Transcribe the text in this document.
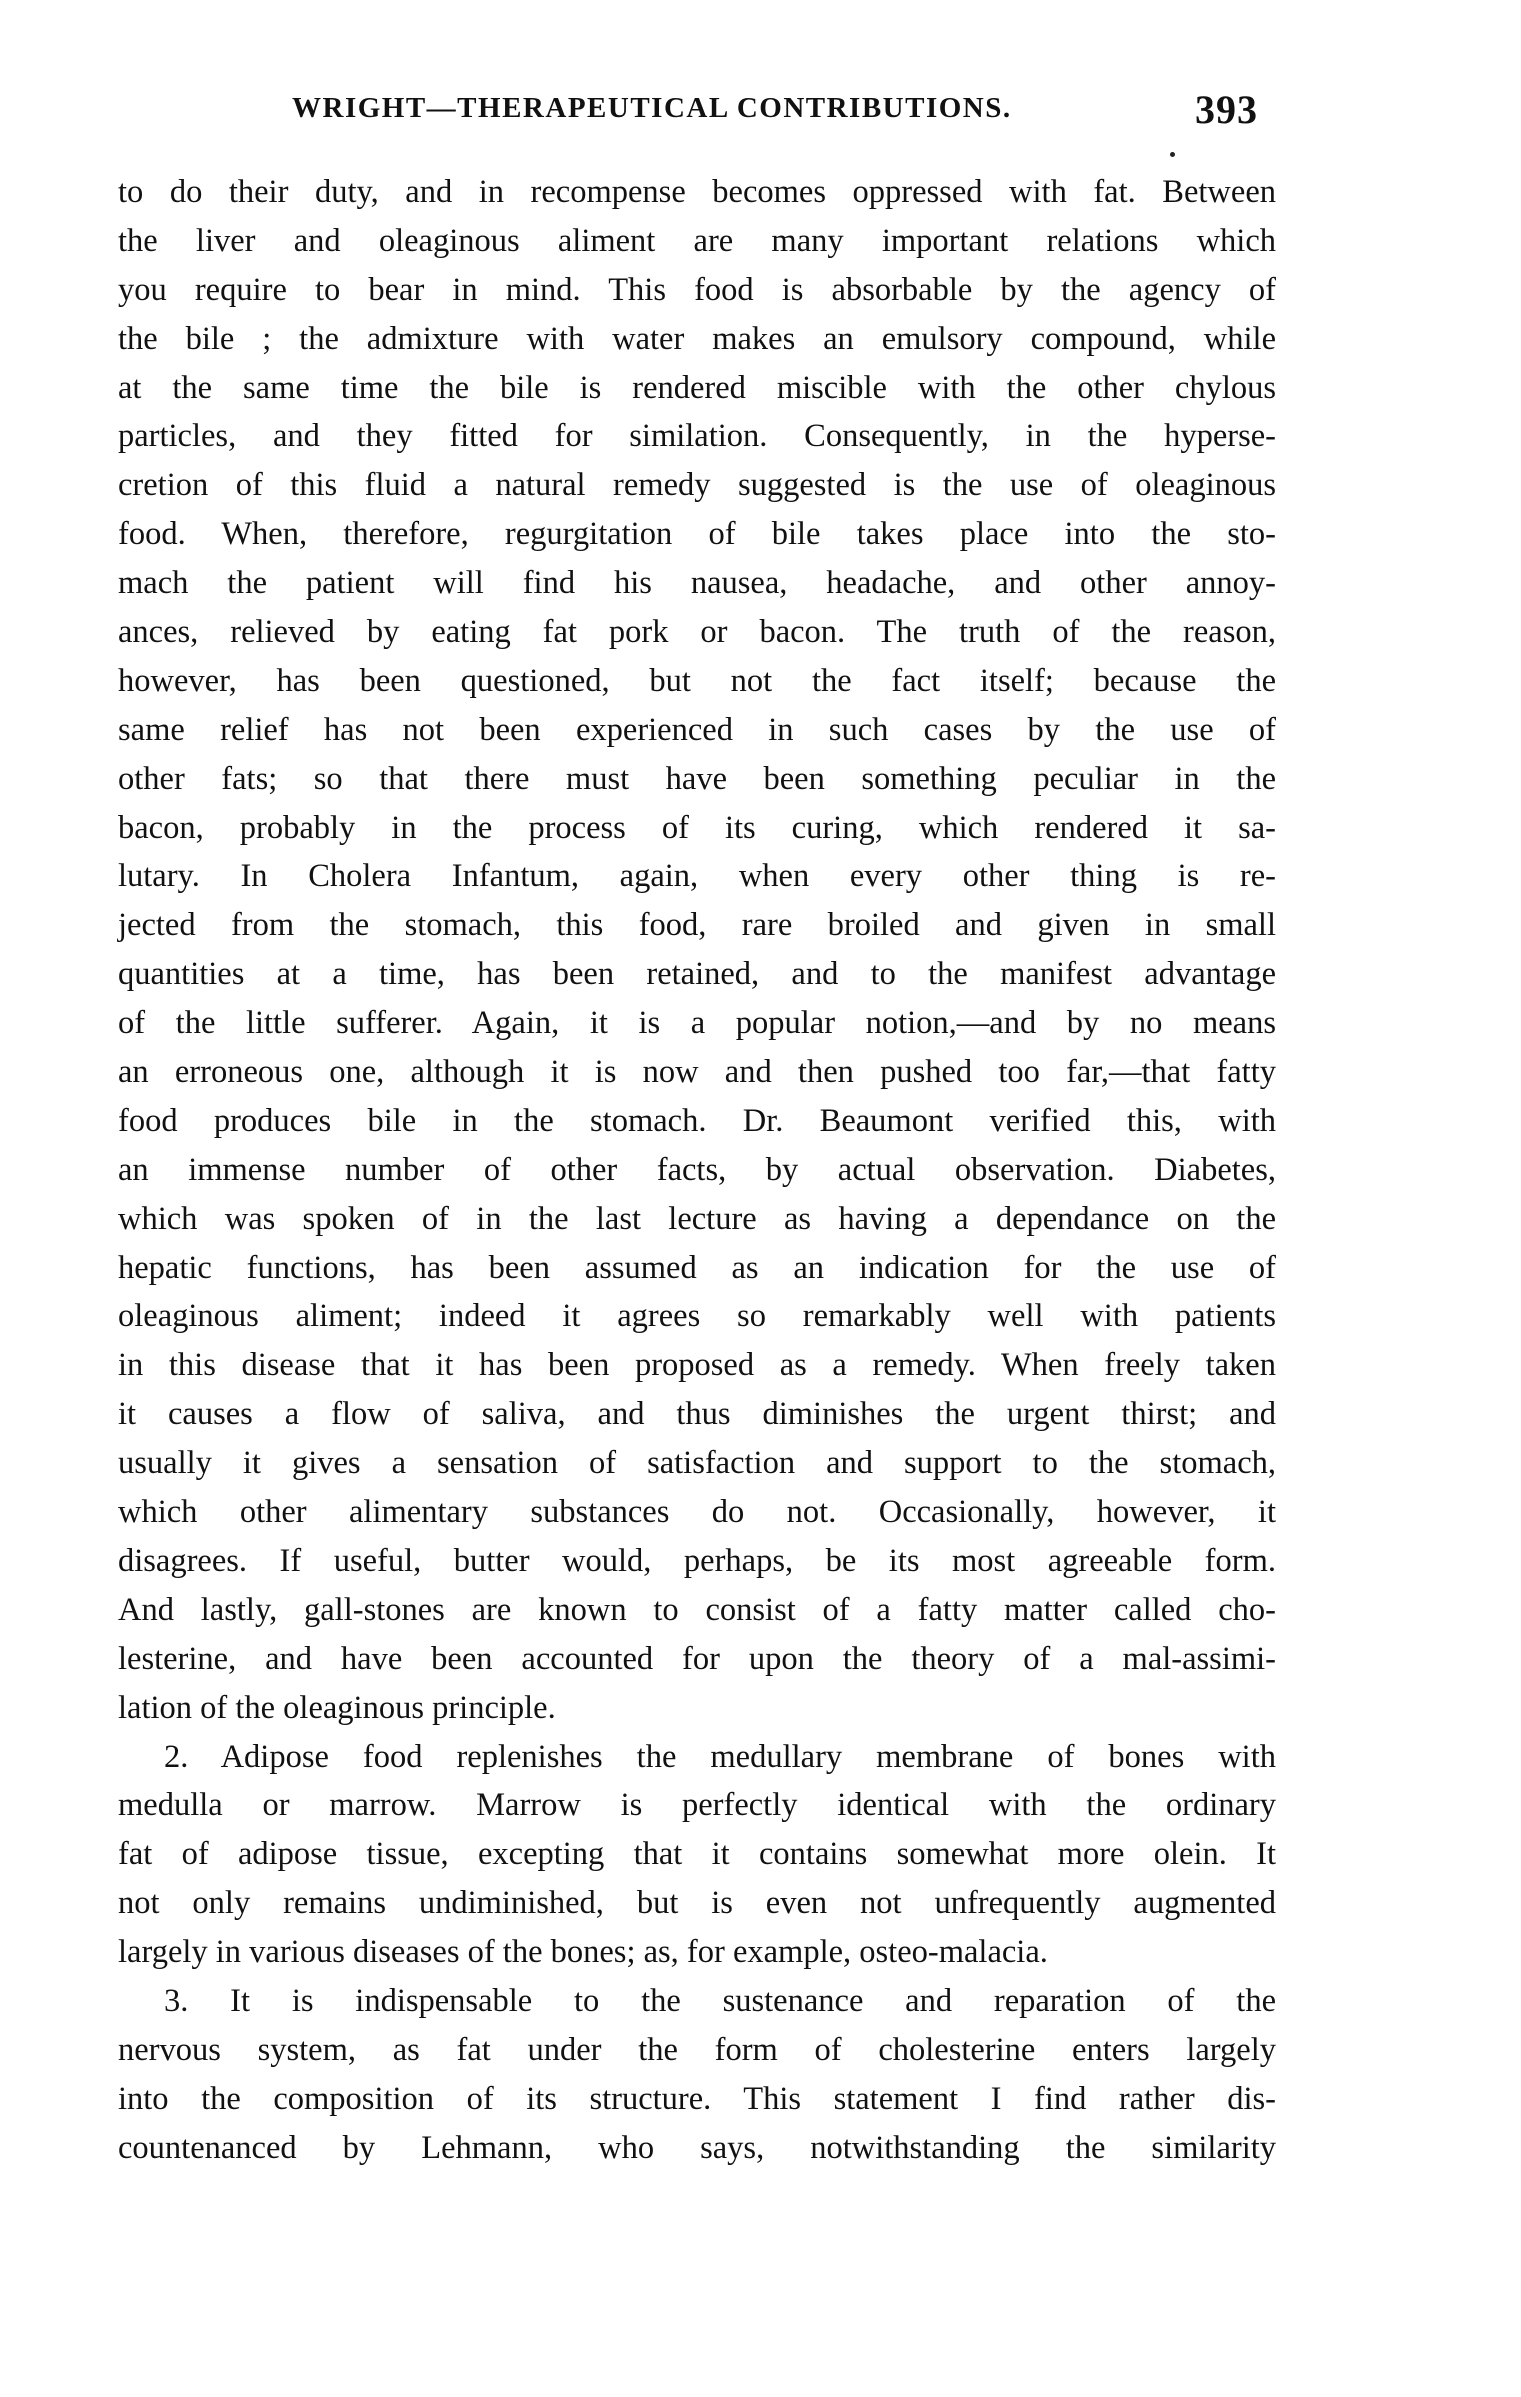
WRIGHT—THERAPEUTICAL CONTRIBUTIONS.	393
to do their duty, and in recompense becomes oppressed with fat. Between
the liver and oleaginous aliment are many important relations which
you require to bear in mind. This food is absorbable by the agency of
the bile ; the admixture with water makes an emulsory compound, while
at the same time the bile is rendered miscible with the other chylous
particles, and they fitted for similation. Consequently, in the hyperse-
cretion of this fluid a natural remedy suggested is the use of oleaginous
food. When, therefore, regurgitation of bile takes place into the sto-
mach the patient will find his nausea, headache, and other annoy-
ances, relieved by eating fat pork or bacon. The truth of the reason,
however, has been questioned, but not the fact itself; because the
same relief has not been experienced in such cases by the use of
other fats; so that there must have been something peculiar in the
bacon, probably in the process of its curing, which rendered it sa-
lutary. In Cholera Infantum, again, when every other thing is re-
jected from the stomach, this food, rare broiled and given in small
quantities at a time, has been retained, and to the manifest advantage
of the little sufferer. Again, it is a popular notion,—and by no means
an erroneous one, although it is now and then pushed too far,—that fatty
food produces bile in the stomach. Dr. Beaumont verified this, with
an immense number of other facts, by actual observation. Diabetes,
which was spoken of in the last lecture as having a dependance on the
hepatic functions, has been assumed as an indication for the use of
oleaginous aliment; indeed it agrees so remarkably well with patients
in this disease that it has been proposed as a remedy. When freely taken
it causes a flow of saliva, and thus diminishes the urgent thirst; and
usually it gives a sensation of satisfaction and support to the stomach,
which other alimentary substances do not. Occasionally, however, it
disagrees. If useful, butter would, perhaps, be its most agreeable form.
And lastly, gall-stones are known to consist of a fatty matter called cho-
lesterine, and have been accounted for upon the theory of a mal-assimi-
lation of the oleaginous principle.
2. Adipose food replenishes the medullary membrane of bones with
medulla or marrow. Marrow is perfectly identical with the ordinary
fat of adipose tissue, excepting that it contains somewhat more olein. It
not only remains undiminished, but is even not unfrequently augmented
largely in various diseases of the bones; as, for example, osteo-malacia.
3. It is indispensable to the sustenance and reparation of the
nervous system, as fat under the form of cholesterine enters largely
into the composition of its structure. This statement I find rather dis-
countenanced by Lehmann, who says, notwithstanding the similarity
